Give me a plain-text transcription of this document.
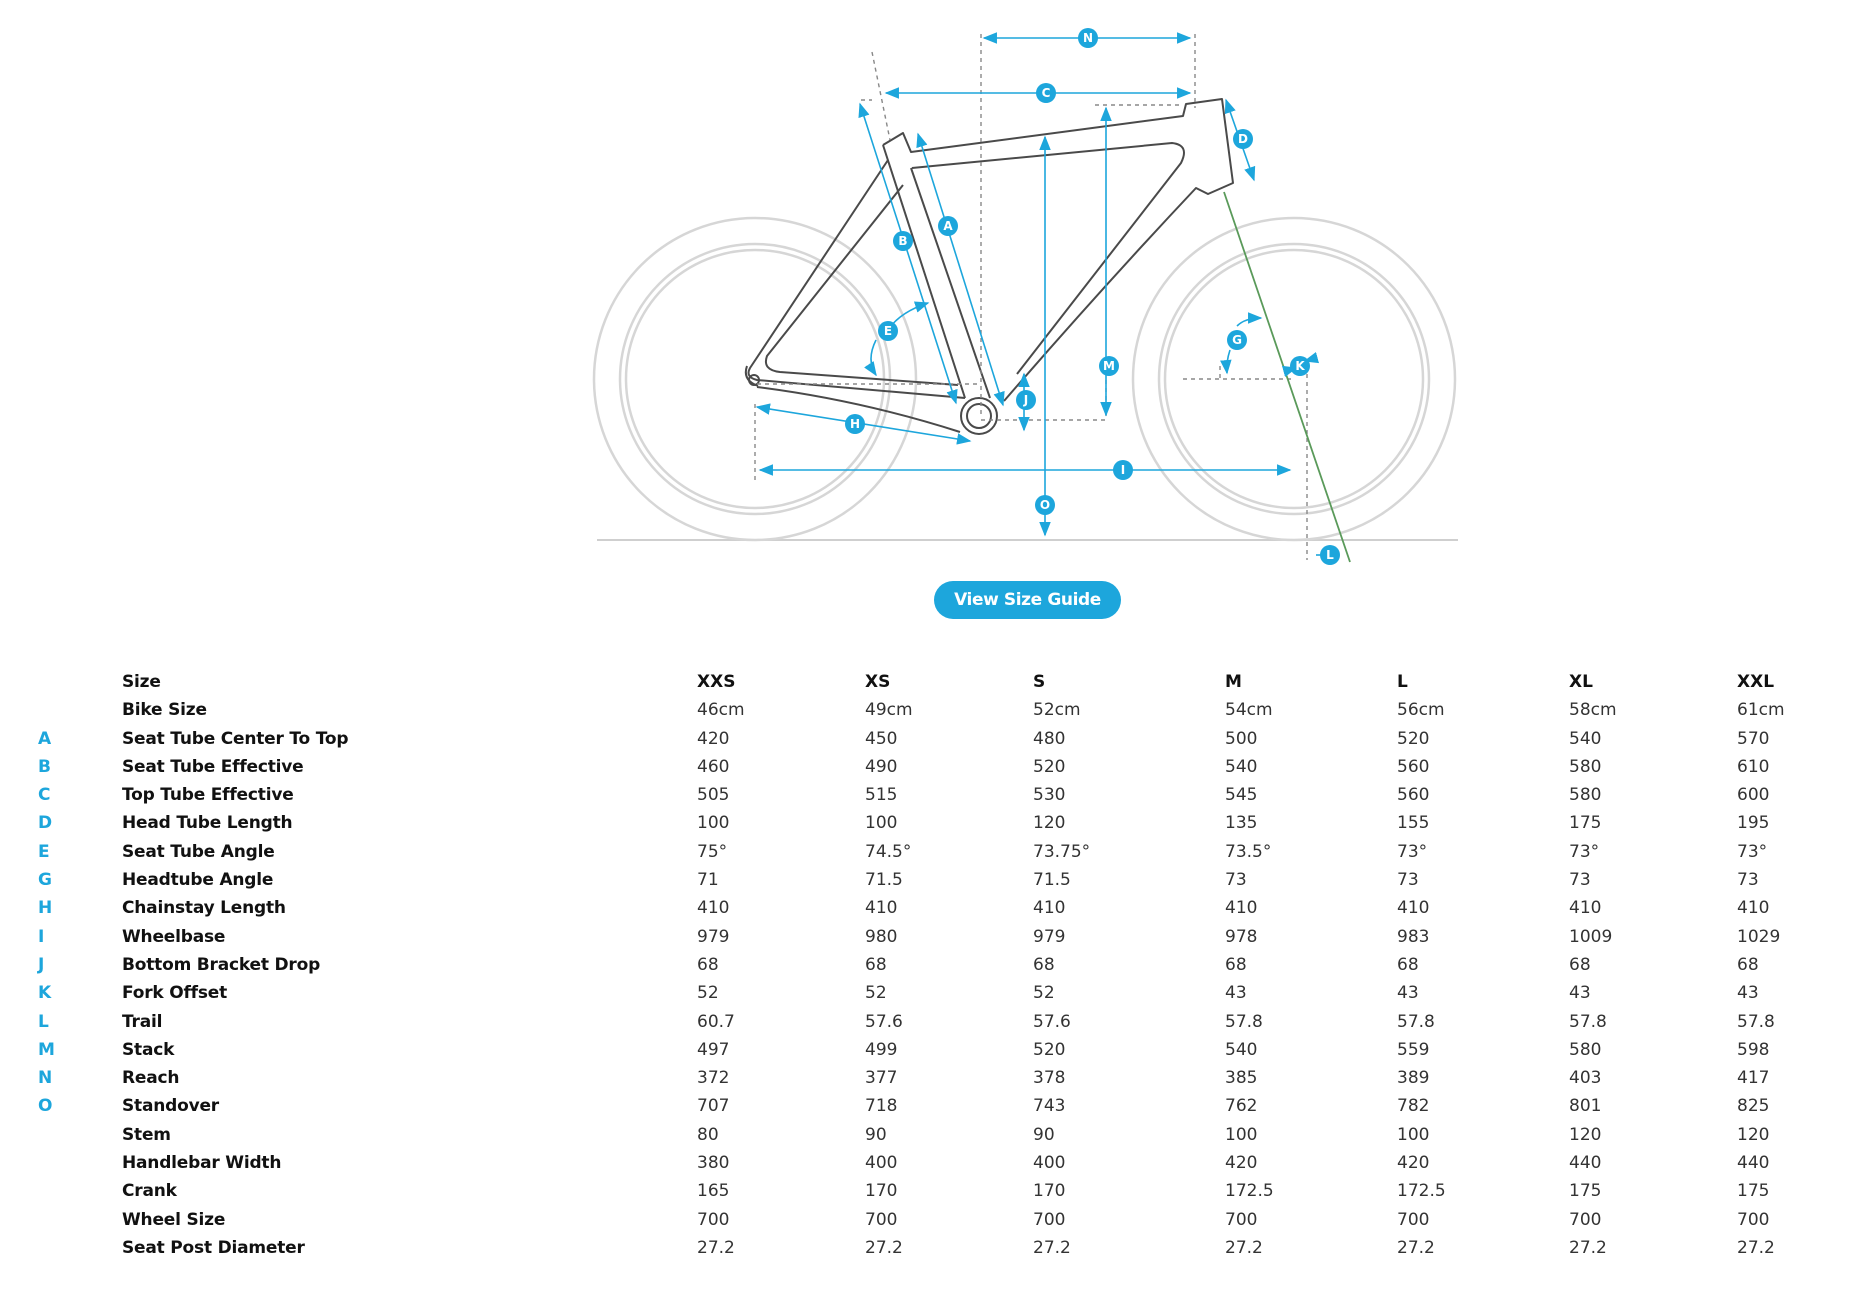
N
C
D
A
B
E
M
J
H
G
K
O
I
L
View Size Guide
Size	XXS	XS	S	M	L	XL	XXL
Bike Size	46cm	49cm	52cm	54cm	56cm	58cm	61cm
A	Seat Tube Center To Top	420	450	480	500	520	540	570
B	Seat Tube Effective	460	490	520	540	560	580	610
C	Top Tube Effective	505	515	530	545	560	580	600
D	Head Tube Length	100	100	120	135	155	175	195
E	Seat Tube Angle	75°	74.5°	73.75°	73.5°	73°	73°	73°
G	Headtube Angle	71	71.5	71.5	73	73	73	73
H	Chainstay Length	410	410	410	410	410	410	410
I	Wheelbase	979	980	979	978	983	1009	1029
J	Bottom Bracket Drop	68	68	68	68	68	68	68
K	Fork Offset	52	52	52	43	43	43	43
L	Trail	60.7	57.6	57.6	57.8	57.8	57.8	57.8
M	Stack	497	499	520	540	559	580	598
N	Reach	372	377	378	385	389	403	417
O	Standover	707	718	743	762	782	801	825
Stem	80	90	90	100	100	120	120
Handlebar Width	380	400	400	420	420	440	440
Crank	165	170	170	172.5	172.5	175	175
Wheel Size	700	700	700	700	700	700	700
Seat Post Diameter	27.2	27.2	27.2	27.2	27.2	27.2	27.2
